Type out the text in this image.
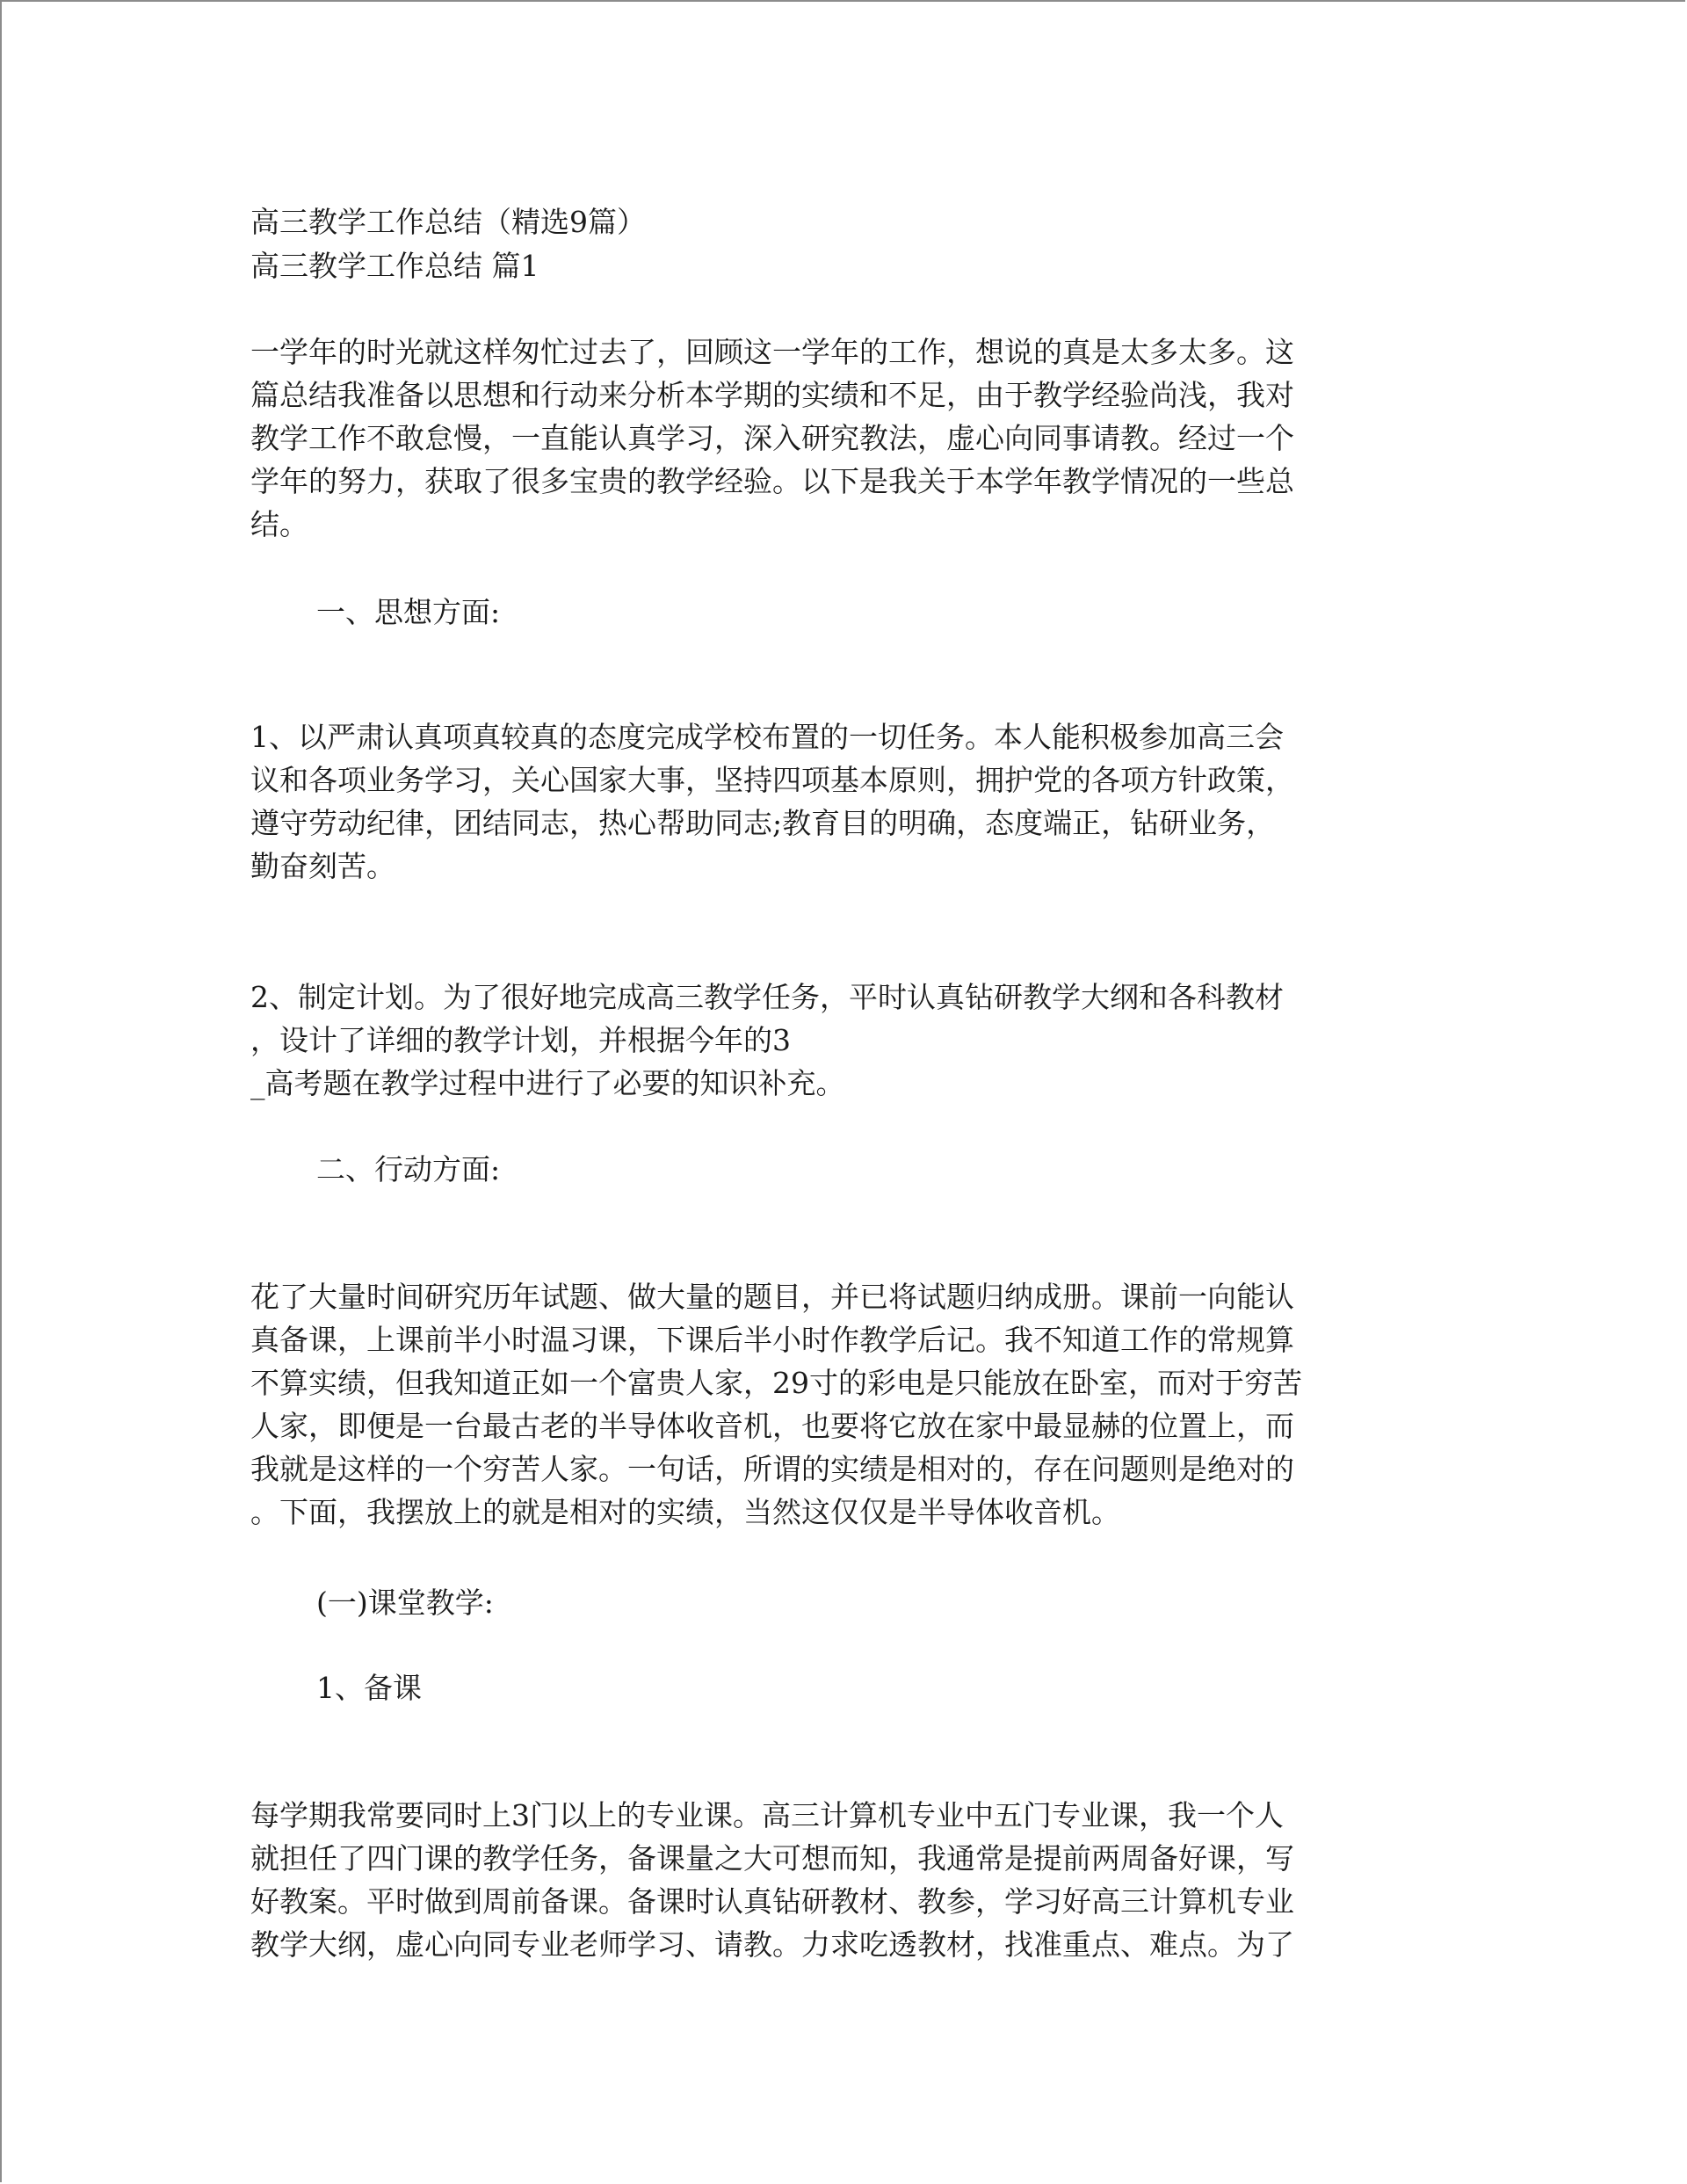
高三教学工作总结（精选9篇）
高三教学工作总结 篇1
一学年的时光就这样匆忙过去了，回顾这一学年的工作，想说的真是太多太多。这
篇总结我准备以思想和行动来分析本学期的实绩和不足，由于教学经验尚浅，我对
教学工作不敢怠慢，一直能认真学习，深入研究教法，虚心向同事请教。经过一个
学年的努力，获取了很多宝贵的教学经验。以下是我关于本学年教学情况的一些总
结。
一、思想方面:
1、以严肃认真项真较真的态度完成学校布置的一切任务。本人能积极参加高三会
议和各项业务学习，关心国家大事，坚持四项基本原则，拥护党的各项方针政策，
遵守劳动纪律，团结同志，热心帮助同志;教育目的明确，态度端正，钻研业务，
勤奋刻苦。
2、制定计划。为了很好地完成高三教学任务，平时认真钻研教学大纲和各科教材
，设计了详细的教学计划，并根据今年的3
_高考题在教学过程中进行了必要的知识补充。
二、行动方面:
花了大量时间研究历年试题、做大量的题目，并已将试题归纳成册。课前一向能认
真备课，上课前半小时温习课，下课后半小时作教学后记。我不知道工作的常规算
不算实绩，但我知道正如一个富贵人家，29寸的彩电是只能放在卧室，而对于穷苦
人家，即便是一台最古老的半导体收音机，也要将它放在家中最显赫的位置上，而
我就是这样的一个穷苦人家。一句话，所谓的实绩是相对的，存在问题则是绝对的
。下面，我摆放上的就是相对的实绩，当然这仅仅是半导体收音机。
(一)课堂教学:
1、备课
每学期我常要同时上3门以上的专业课。高三计算机专业中五门专业课，我一个人
就担任了四门课的教学任务，备课量之大可想而知，我通常是提前两周备好课，写
好教案。平时做到周前备课。备课时认真钻研教材、教参，学习好高三计算机专业
教学大纲，虚心向同专业老师学习、请教。力求吃透教材，找准重点、难点。为了
